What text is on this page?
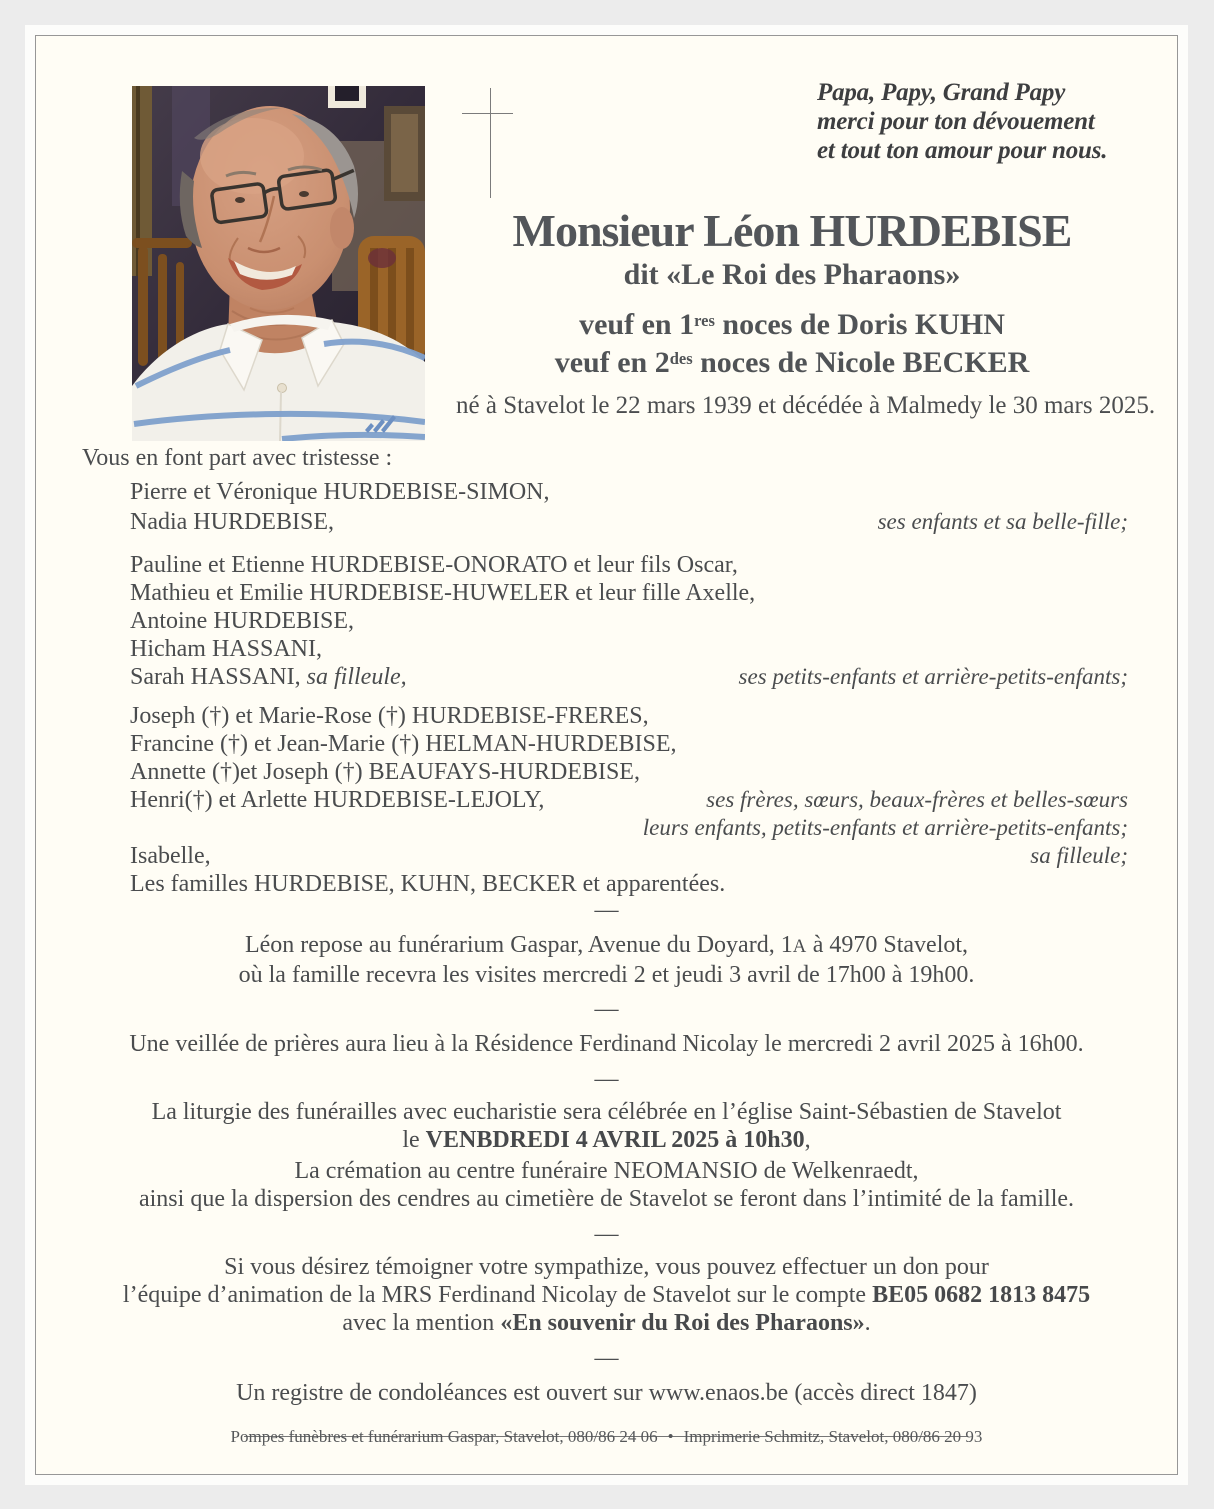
Papa, Papy, Grand Papy
merci pour ton dévouement
et tout ton amour pour nous.
Monsieur Léon HURDEBISE
dit «Le Roi des Pharaons»
veuf en 1res noces de Doris KUHN
veuf en $2^{des}$ noces de Nicole BECKER
né à Stavelot le 22 mars 1939 et décédée à Malmedy le 30 mars 2025.
Vous en font part avec tristesse :
Pierre et Véronique HURDEBISE-SIMON,
Nadia HURDEBISE,	ses enfants et sa belle-fille;
Pauline et Etienne HURDEBISE-ONORATO et leur fils Oscar,
Mathieu et Emilie HURDEBISE-HUWELER et leur fille Axelle,
Antoine HURDEBISE,
Hicham HASSANI,
Sarah HASSANI, sa filleule,	ses petits-enfants et arrière-petits-enfants;
Joseph (†) et Marie-Rose (†) HURDEBISE-FRERES,
Francine (†) et Jean-Marie (†) HELMAN-HURDEBISE,
Annette (†)et Joseph (†) BEAUFAYS-HURDEBISE,
Henri(†) et Arlette HURDEBISE-LEJOLY,	ses frères, sœurs, beaux-frères et belles-sœurs
leurs enfants, petits-enfants et arrière-petits-enfants;
Isabelle,	sa filleule;
Les familles HURDEBISE, KUHN, BECKER et apparentées.
—
Léon repose au funérarium Gaspar, Avenue du Doyard, 1A à 4970 Stavelot,
où la famille recevra les visites mercredi 2 et jeudi 3 avril de 17h00 à 19h00.
—
Une veillée de prières aura lieu à la Résidence Ferdinand Nicolay le mercredi 2 avril 2025 à 16h00.
—
La liturgie des funérailles avec eucharistie sera célébrée en l’église Saint-Sébastien de Stavelot
le VENBDREDI 4 AVRIL 2025 à 10h30,
La crémation au centre funéraire NEOMANSIO de Welkenraedt,
ainsi que la dispersion des cendres au cimetière de Stavelot se feront dans l’intimité de la famille.
—
Si vous désirez témoigner votre sympathize, vous pouvez effectuer un don pour
l’équipe d’animation de la MRS Ferdinand Nicolay de Stavelot sur le compte BE05 0682 1813 8475
avec la mention «En souvenir du Roi des Pharaons».
—
Un registre de condoléances est ouvert sur www.enaos.be (accès direct 1847)
Pompes funèbres et funérarium Gaspar, Stavelot, 080/86 24 06 • Imprimerie Schmitz, Stavelot, 080/86 20 93
